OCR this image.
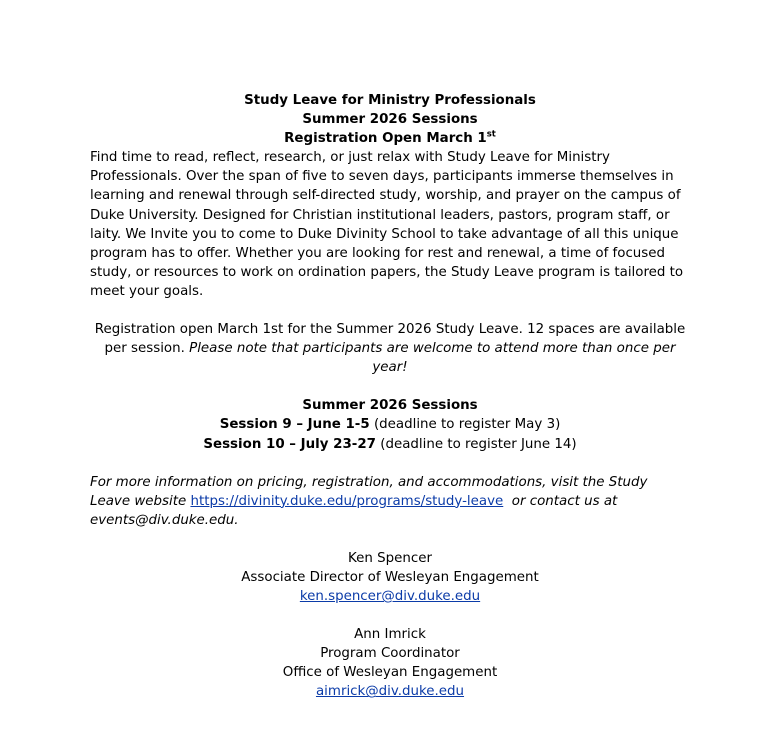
Study Leave for Ministry Professionals
Summer 2026 Sessions
Registration Open March 1st

Find time to read, reflect, research, or just relax with Study Leave for Ministry Professionals. Over the span of five to seven days, participants immerse themselves in learning and renewal through self-directed study, worship, and prayer on the campus of Duke University. Designed for Christian institutional leaders, pastors, program staff, or laity. We Invite you to come to Duke Divinity School to take advantage of all this unique program has to offer. Whether you are looking for rest and renewal, a time of focused study, or resources to work on ordination papers, the Study Leave program is tailored to meet your goals.

Registration open March 1st for the Summer 2026 Study Leave. 12 spaces are available per session. Please note that participants are welcome to attend more than once per year!

Summer 2026 Sessions
Session 9 – June 1-5 (deadline to register May 3)
Session 10 – July 23-27 (deadline to register June 14)

For more information on pricing, registration, and accommodations, visit the Study Leave website https://divinity.duke.edu/programs/study-leave or contact us at events@div.duke.edu.

Ken Spencer
Associate Director of Wesleyan Engagement
ken.spencer@div.duke.edu
Ann Imrick
Program Coordinator
Office of Wesleyan Engagement
aimrick@div.duke.edu
